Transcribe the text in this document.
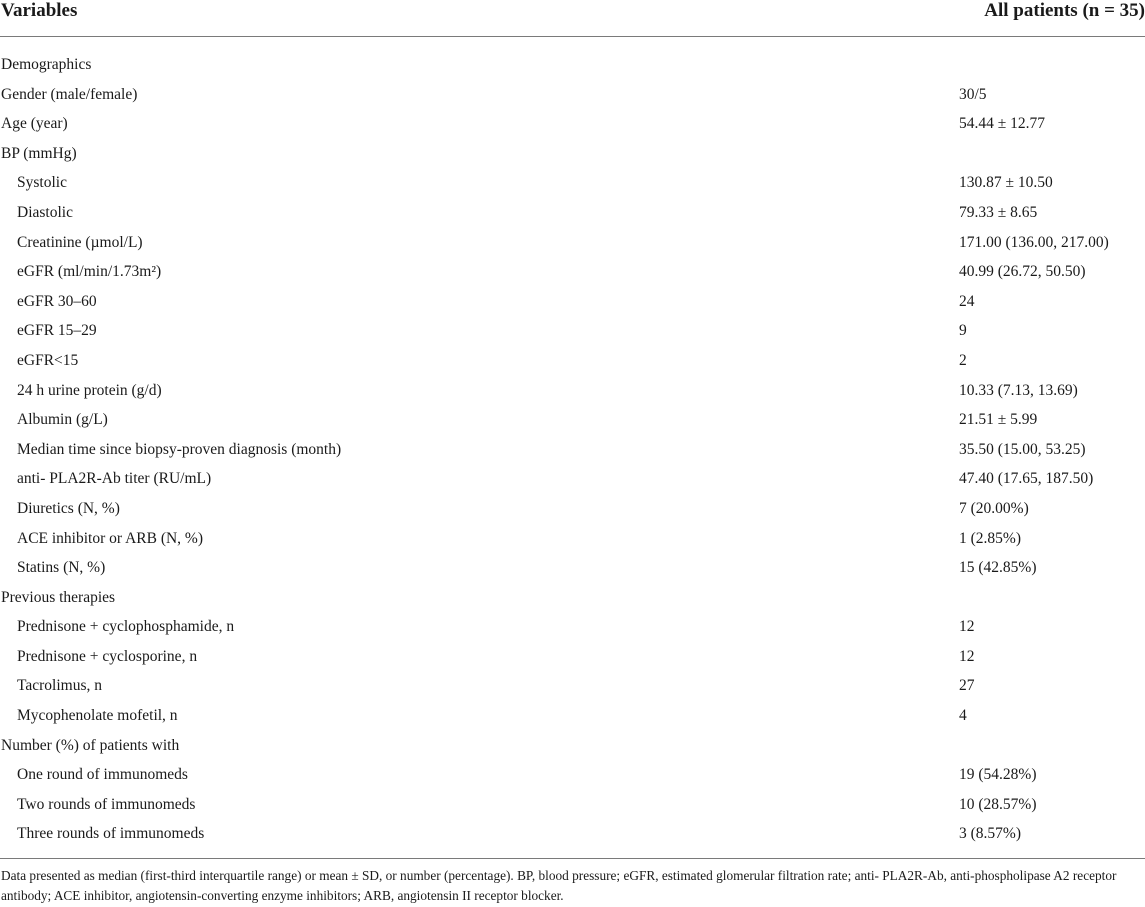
Variables	All patients (n = 35)
Demographics
Gender (male/female)	30/5
Age (year)	54.44 ± 12.77
BP (mmHg)
Systolic	130.87 ± 10.50
Diastolic	79.33 ± 8.65
Creatinine (µmol/L)	171.00 (136.00, 217.00)
eGFR (ml/min/1.73m²)	40.99 (26.72, 50.50)
eGFR 30–60	24
eGFR 15–29	9
eGFR<15	2
24 h urine protein (g/d)	10.33 (7.13, 13.69)
Albumin (g/L)	21.51 ± 5.99
Median time since biopsy-proven diagnosis (month)	35.50 (15.00, 53.25)
anti- PLA2R-Ab titer (RU/mL)	47.40 (17.65, 187.50)
Diuretics (N, %)	7 (20.00%)
ACE inhibitor or ARB (N, %)	1 (2.85%)
Statins (N, %)	15 (42.85%)
Previous therapies
Prednisone + cyclophosphamide, n	12
Prednisone + cyclosporine, n	12
Tacrolimus, n	27
Mycophenolate mofetil, n	4
Number (%) of patients with
One round of immunomeds	19 (54.28%)
Two rounds of immunomeds	10 (28.57%)
Three rounds of immunomeds	3 (8.57%)
Data presented as median (first-third interquartile range) or mean ± SD, or number (percentage). BP, blood pressure; eGFR, estimated glomerular filtration rate; anti- PLA2R-Ab, anti-phospholipase A2 receptor antibody; ACE inhibitor, angiotensin-converting enzyme inhibitors; ARB, angiotensin II receptor blocker.
